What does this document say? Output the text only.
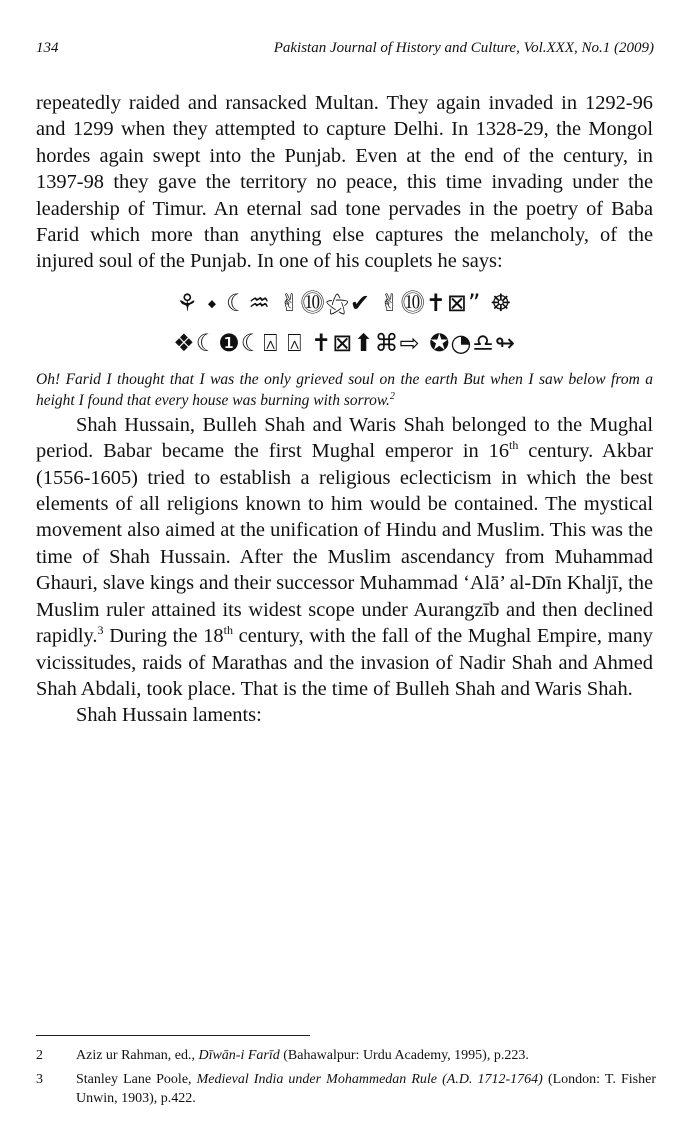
134	Pakistan Journal of History and Culture, Vol.XXX, No.1 (2009)

repeatedly raided and ransacked Multan. They again invaded in 1292-96 and 1299 when they attempted to capture Delhi. In 1328-29, the Mongol hordes again swept into the Punjab. Even at the end of the century, in 1397-98 they gave the territory no peace, this time invading under the leadership of Timur. An eternal sad tone pervades in the poetry of Baba Farid which more than anything else captures the melancholy, of the injured soul of the Punjab. In one of his couplets he says:

⚘ ⬩ ☾♒ ✌⓾⚝✔ ✌⓾✝⊠” ☸
❖☾❶☾⍓ ⍓ ✝⊠⬆⌘⇨ ✪◔♎↬

Oh! Farid I thought that I was the only grieved soul on the earth But when I saw below from a height I found that every house was burning with sorrow.$^2$

Shah Hussain, Bulleh Shah and Waris Shah belonged to the Mughal period. Babar became the first Mughal emperor in 16th century. Akbar (1556-1605) tried to establish a religious eclecticism in which the best elements of all religions known to him would be contained. The mystical movement also aimed at the unification of Hindu and Muslim. This was the time of Shah Hussain. After the Muslim ascendancy from Muhammad Ghauri, slave kings and their successor Muhammad ‘Alā’ al-Dīn Khaljī, the Muslim ruler attained its widest scope under Aurangzīb and then declined rapidly.$^3$ During the 18th century, with the fall of the Mughal Empire, many vicissitudes, raids of Marathas and the invasion of Nadir Shah and Ahmed Shah Abdali, took place. That is the time of Bulleh Shah and Waris Shah.

Shah Hussain laments:

2	Aziz ur Rahman, ed., Dīwān-i Farīd (Bahawalpur: Urdu Academy, 1995), p.223.
3	Stanley Lane Poole, Medieval India under Mohammedan Rule (A.D. 1712-1764) (London: T. Fisher Unwin, 1903), p.422.
